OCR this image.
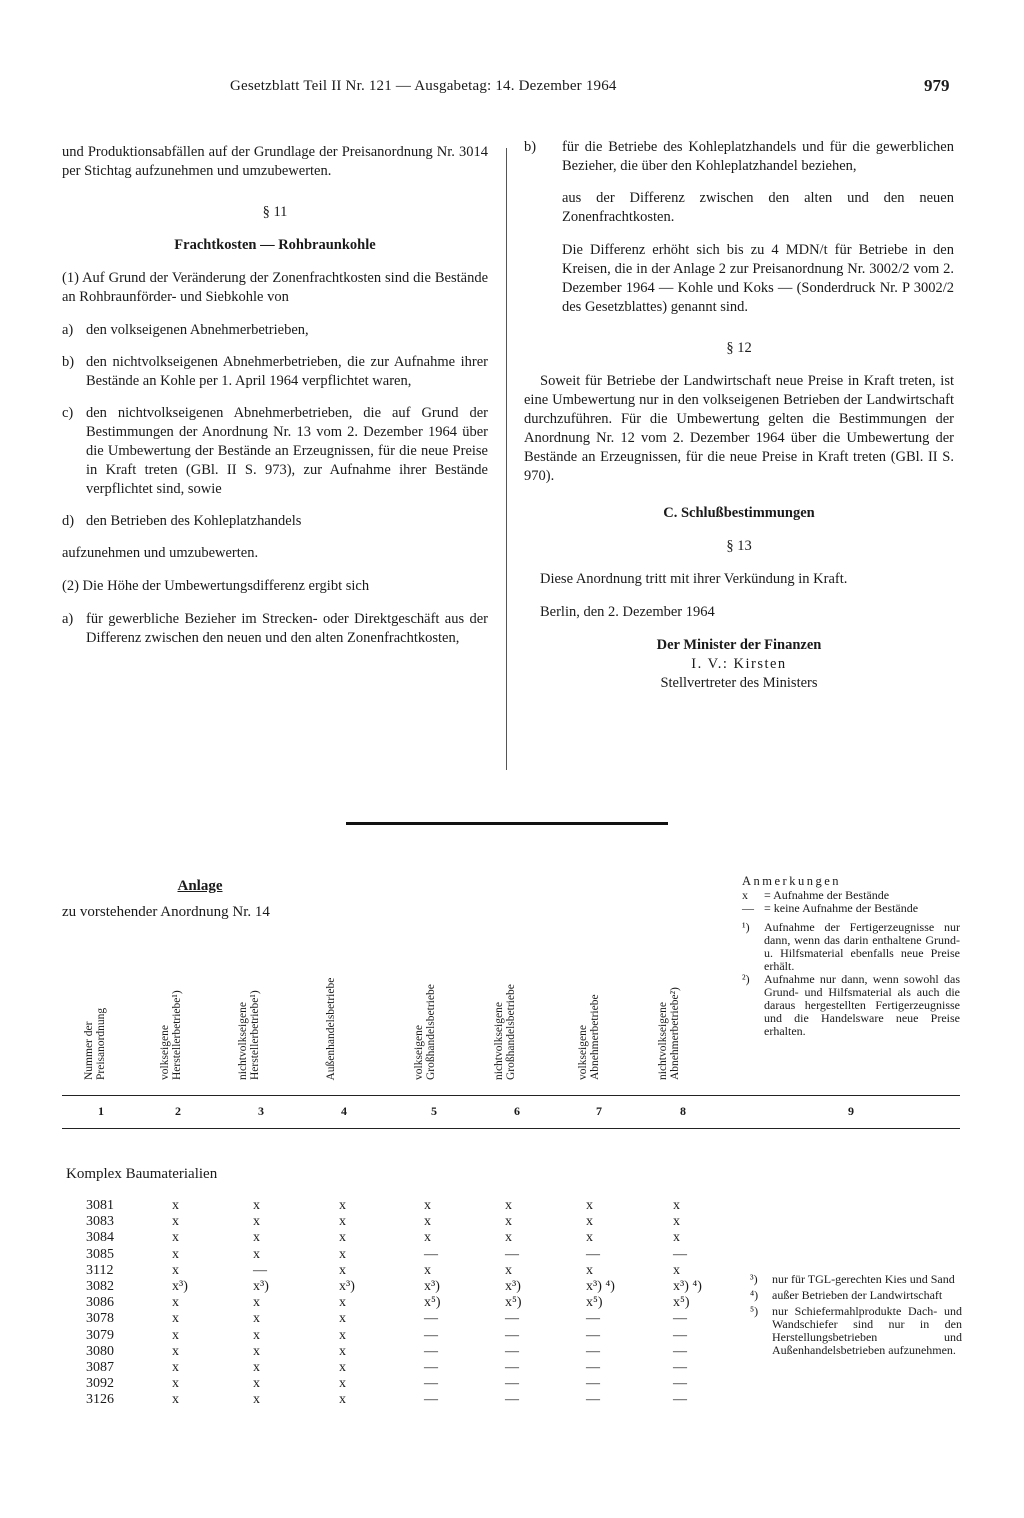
Gesetzblatt Teil II Nr. 121 — Ausgabetag: 14. Dezember 1964	979

und Produktionsabfällen auf der Grundlage der Preisanordnung Nr. 3014 per Stichtag aufzunehmen und umzubewerten.

§ 11

Frachtkosten — Rohbraunkohle

(1) Auf Grund der Veränderung der Zonenfrachtkosten sind die Bestände an Rohbraunförder- und Siebkohle von

a) den volkseigenen Abnehmerbetrieben,
b) den nichtvolkseigenen Abnehmerbetrieben, die zur Aufnahme ihrer Bestände an Kohle per 1. April 1964 verpflichtet waren,
c) den nichtvolkseigenen Abnehmerbetrieben, die auf Grund der Bestimmungen der Anordnung Nr. 13 vom 2. Dezember 1964 über die Umbewertung der Bestände an Erzeugnissen, für die neue Preise in Kraft treten (GBl. II S. 973), zur Aufnahme ihrer Bestände verpflichtet sind, sowie
d) den Betrieben des Kohleplatzhandels

aufzunehmen und umzubewerten.

(2) Die Höhe der Umbewertungsdifferenz ergibt sich

a) für gewerbliche Bezieher im Strecken- oder Direktgeschäft aus der Differenz zwischen den neuen und den alten Zonenfrachtkosten,
b)	für die Betriebe des Kohleplatzhandels und für die gewerblichen Bezieher, die über den Kohleplatzhandel beziehen,

aus der Differenz zwischen den alten und den neuen Zonenfrachtkosten.

Die Differenz erhöht sich bis zu 4 MDN/t für Betriebe in den Kreisen, die in der Anlage 2 zur Preisanordnung Nr. 3002/2 vom 2. Dezember 1964 — Kohle und Koks — (Sonderdruck Nr. P 3002/2 des Gesetzblattes) genannt sind.

§ 12

Soweit für Betriebe der Landwirtschaft neue Preise in Kraft treten, ist eine Umbewertung nur in den volkseigenen Betrieben der Landwirtschaft durchzuführen. Für die Umbewertung gelten die Bestimmungen der Anordnung Nr. 12 vom 2. Dezember 1964 über die Umbewertung der Bestände an Erzeugnissen, für die neue Preise in Kraft treten (GBl. II S. 970).

C. Schlußbestimmungen

§ 13

Diese Anordnung tritt mit ihrer Verkündung in Kraft.

Berlin, den 2. Dezember 1964

Der Minister der Finanzen

I. V.: Kirsten

Stellvertreter des Ministers

Anlage
zu vorstehender Anordnung Nr. 14
Anmerkungen
x	= Aufnahme der Bestände
— = keine Aufnahme der Bestände
¹)	Aufnahme der Fertigerzeugnisse nur dann, wenn das darin enthaltene Grund- u. Hilfsmaterial ebenfalls neue Preise erhält.
²)	Aufnahme nur dann, wenn sowohl das Grund- und Hilfsmaterial als auch die daraus hergestellten Fertigerzeugnisse und die Handelsware neue Preise erhalten.
Nummer der Preisanordnung	volkseigene Herstellerbetriebe¹)	nichtvolkseigene Herstellerbetriebe¹)	Außenhandelsbetriebe	volkseigene Großhandelsbetriebe	nichtvolkseigene Großhandelsbetriebe	volkseigene Abnehmerbetriebe	nichtvolkseigene Abnehmerbetriebe²)
1	2	3	4	5	6	7	8	9
Komplex Baumaterialien
3081	x	x	x	x	x	x	x
3083	x	x	x	x	x	x	x
3084	x	x	x	x	x	x	x
3085	x	x	x	—	—	—	—
3112	x	—	x	x	x	x	x
3082	x³)	x³)	x³)	x³)	x³)	x³) ⁴)	x³) ⁴)
3086	x	x	x	x⁵)	x⁵)	x⁵)	x⁵)
3078	x	x	x	—	—	—	—
3079	x	x	x	—	—	—	—
3080	x	x	x	—	—	—	—
3087	x	x	x	—	—	—	—
3092	x	x	x	—	—	—	—
3126	x	x	x	—	—	—	—
³)	nur für TGL-gerechten Kies und Sand
⁴)	außer Betrieben der Landwirtschaft
⁵)	nur Schiefermahlprodukte Dach- und Wandschiefer sind nur in den Herstellungsbetrieben und Außenhandelsbetrieben aufzunehmen.
